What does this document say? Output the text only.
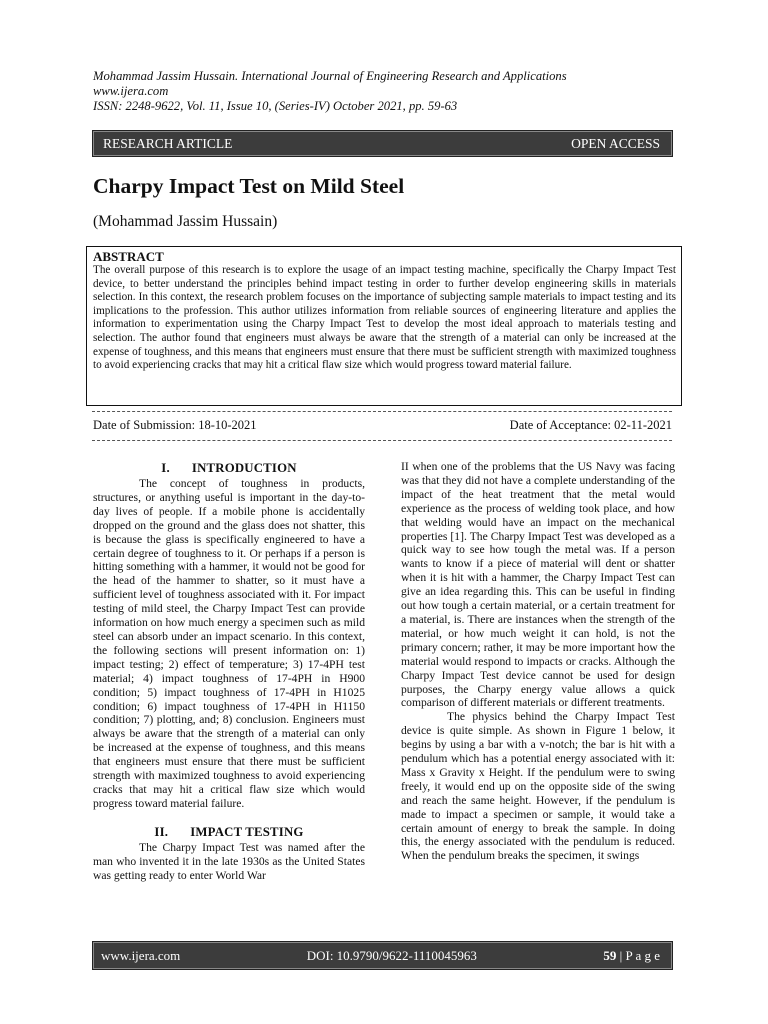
Mohammad Jassim Hussain. International Journal of Engineering Research and Applications
www.ijera.com
ISSN: 2248-9622, Vol. 11, Issue 10, (Series-IV) October 2021, pp. 59-63
RESEARCH ARTICLE	OPEN ACCESS
Charpy Impact Test on Mild Steel
(Mohammad Jassim Hussain)
ABSTRACT

The overall purpose of this research is to explore the usage of an impact testing machine, specifically the Charpy Impact Test device, to better understand the principles behind impact testing in order to further develop engineering skills in materials selection. In this context, the research problem focuses on the importance of subjecting sample materials to impact testing and its implications to the profession. This author utilizes information from reliable sources of engineering literature and applies the information to experimentation using the Charpy Impact Test to develop the most ideal approach to materials testing and selection. The author found that engineers must always be aware that the strength of a material can only be increased at the expense of toughness, and this means that engineers must ensure that there must be sufficient strength with maximized toughness to avoid experiencing cracks that may hit a critical flaw size which would progress toward material failure.

Date of Submission: 18-10-2021	Date of Acceptance: 02-11-2021
I. INTRODUCTION

The concept of toughness in products, structures, or anything useful is important in the day-to-day lives of people. If a mobile phone is accidentally dropped on the ground and the glass does not shatter, this is because the glass is specifically engineered to have a certain degree of toughness to it. Or perhaps if a person is hitting something with a hammer, it would not be good for the head of the hammer to shatter, so it must have a sufficient level of toughness associated with it. For impact testing of mild steel, the Charpy Impact Test can provide information on how much energy a specimen such as mild steel can absorb under an impact scenario. In this context, the following sections will present information on: 1) impact testing; 2) effect of temperature; 3) 17-4PH test material; 4) impact toughness of 17-4PH in H900 condition; 5) impact toughness of 17-4PH in H1025 condition; 6) impact toughness of 17-4PH in H1150 condition; 7) plotting, and; 8) conclusion. Engineers must always be aware that the strength of a material can only be increased at the expense of toughness, and this means that engineers must ensure that there must be sufficient strength with maximized toughness to avoid experiencing cracks that may hit a critical flaw size which would progress toward material failure.

II. IMPACT TESTING

The Charpy Impact Test was named after the man who invented it in the late 1930s as the United States was getting ready to enter World War

II when one of the problems that the US Navy was facing was that they did not have a complete understanding of the impact of the heat treatment that the metal would experience as the process of welding took place, and how that welding would have an impact on the mechanical properties [1]. The Charpy Impact Test was developed as a quick way to see how tough the metal was. If a person wants to know if a piece of material will dent or shatter when it is hit with a hammer, the Charpy Impact Test can give an idea regarding this. This can be useful in finding out how tough a certain material, or a certain treatment for a material, is. There are instances when the strength of the material, or how much weight it can hold, is not the primary concern; rather, it may be more important how the material would respond to impacts or cracks. Although the Charpy Impact Test device cannot be used for design purposes, the Charpy energy value allows a quick comparison of different materials or different treatments.

The physics behind the Charpy Impact Test device is quite simple. As shown in Figure 1 below, it begins by using a bar with a v-notch; the bar is hit with a pendulum which has a potential energy associated with it: Mass x Gravity x Height. If the pendulum were to swing freely, it would end up on the opposite side of the swing and reach the same height. However, if the pendulum is made to impact a specimen or sample, it would take a certain amount of energy to break the sample. In doing this, the energy associated with the pendulum is reduced. When the pendulum breaks the specimen, it swings

www.ijera.com	DOI: 10.9790/9622-1110045963	59 | P a g e
